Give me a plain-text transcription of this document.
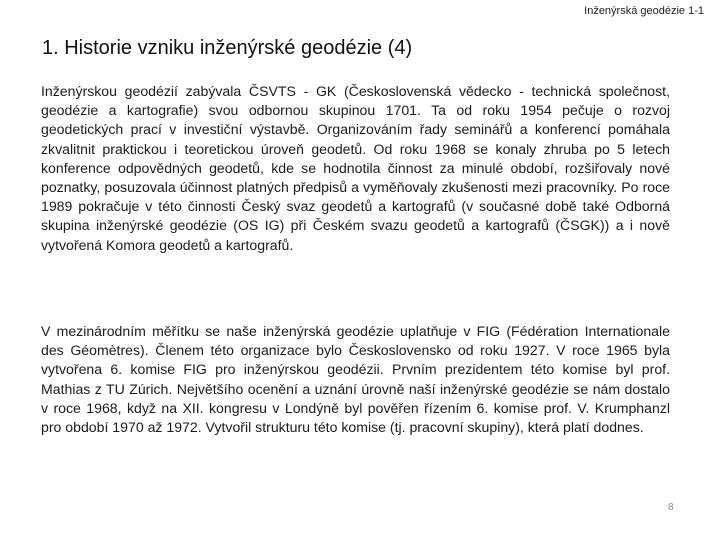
Inženýrská geodézie 1-1
1. Historie vzniku inženýrské geodézie (4)

Inženýrskou geodézií zabývala ČSVTS - GK (Československá vědecko - technická společnost, geodézie a kartografie) svou odbornou skupinou 1701. Ta od roku 1954 pečuje o rozvoj geodetických prací v investiční výstavbě. Organizováním řady seminářů a konferencí pomáhala zkvalitnit praktickou i teoretickou úroveň geodetů. Od roku 1968 se konaly zhruba po 5 letech konference odpovědných geodetů, kde se hodnotila činnost za minulé období, rozšiřovaly nové poznatky, posuzovala účinnost platných předpisů a vyměňovaly zkušenosti mezi pracovníky. Po roce 1989 pokračuje v této činnosti Český svaz geodetů a kartografů (v současné době také Odborná skupina inženýrské geodézie (OS IG) při Českém svazu geodetů a kartografů (ČSGK)) a i nově vytvořená Komora geodetů a kartografů.

V mezinárodním měřítku se naše inženýrská geodézie uplatňuje v FIG (Fédération Internationale des Géomètres). Členem této organizace bylo Československo od roku 1927. V roce 1965 byla vytvořena 6. komise FIG pro inženýrskou geodézii. Prvním prezidentem této komise byl prof. Mathias z TU Zúrich. Největšího ocenění a uznání úrovně naší inženýrské geodézie se nám dostalo v roce 1968, když na XII. kongresu v Londýně byl pověřen řízením 6. komise prof. V. Krumphanzl pro období 1970 až 1972. Vytvořil strukturu této komise (tj. pracovní skupiny), která platí dodnes.

8
